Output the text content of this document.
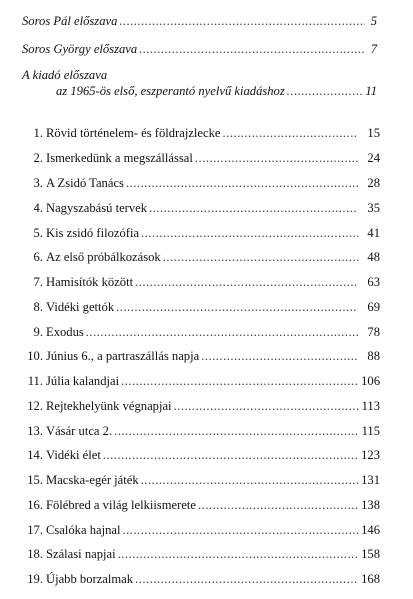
Soros Pál előszava .....	5
Soros György előszava .....	7
A kiadó előszava
az 1965-ös első, eszperantó nyelvű kiadáshoz .....	11
1. Rövid történelem- és földrajzlecke .....	15
2. Ismerkedünk a megszállással .....	24
3. A Zsidó Tanács .....	28
4. Nagyszabású tervek .....	35
5. Kis zsidó filozófia .....	41
6. Az első próbálkozások .....	48
7. Hamisítók között .....	63
8. Vidéki gettók .....	69
9. Exodus .....	78
10. Június 6., a partraszállás napja .....	88
11. Júlia kalandjai .....	106
12. Rejtekhelyünk végnapjai .....	113
13. Vásár utca 2. .....	115
14. Vidéki élet .....	123
15. Macska-egér játék .....	131
16. Fölébred a világ lelkiismerete .....	138
17. Csalóka hajnal .....	146
18. Szálasi napjai .....	158
19. Újabb borzalmak .....	168
